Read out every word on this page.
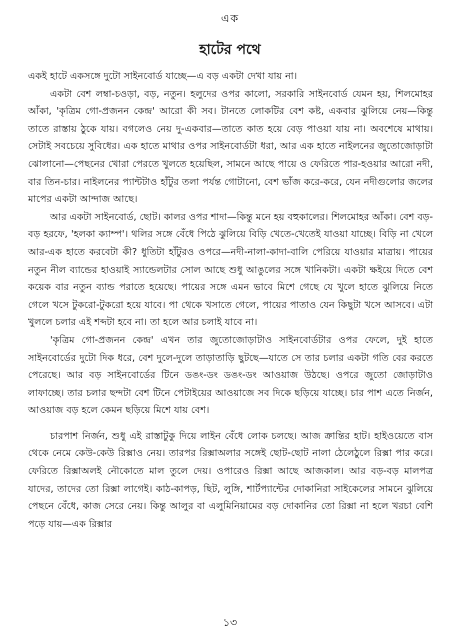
এক
হাটের পথে

একই হাটে একসঙ্গে দুটো সাইনবোর্ড যাচ্ছে—এ বড় একটা দেখা যায় না।

একটা বেশ লম্বা-চওড়া, বড়, নতুন। হলুদের ওপর কালো, সরকারি সাইনবোর্ড যেমন হয়, শিলমোহর আঁকা, 'কৃত্রিম গো-প্রজনন কেন্দ্র' আরো কী সব। টানতে লোকটির বেশ কষ্ট, একবার ঝুলিয়ে নেয়—কিন্তু তাতে রাস্তায় ঠুকে যায়। বগলেও নেয় দু-একবার—তাতে কাত হয়ে বেড় পাওয়া যায় না। অবশেষে মাথায়। সেটাই সবচেয়ে সুবিধের। এক হাতে মাথার ওপর সাইনবোর্ডটা ধরা, আর এক হাতে নাইলনের জুতোজোড়াটা ঝোলানো—পেছনের খোরা পেরতে খুলতে হয়েছিল, সামনে আছে পায়ে ও ফেরিতে পার-হওয়ার আরো নদী, বার তিন-চার। নাইলনের প্যান্টটাও হাঁটুর তলা পর্যন্ত গোটানো, বেশ ভাঁজ করে-করে, যেন নদীগুলোর জলের মাপের একটা আন্দাজ আছে।

আর একটা সাইনবোর্ড, ছোট। কালর ওপর শাদা—কিন্তু মনে হয় বহুকালের। শিলমোহর আঁকা। বেশ বড়-বড় হরফে, 'হলকা ক্যাম্প'। থলির সঙ্গে বেঁধে পিঠে ঝুলিয়ে বিড়ি খেতে-খেতেই যাওয়া যাচ্ছে। বিড়ি না খেলে আর-এক হাতে করবেটা কী? ধুতিটা হাঁটুরও ওপরে—নদী-নালা-কাদা-বালি পেরিয়ে যাওয়ার মাত্রায়। পায়ের নতুন নীল ব্যান্ডের হাওয়াই স্যান্ডেলটার সোল আছে শুধু আঙুলের সঙ্গে খানিকটা। একটা ক্ষইয়ে দিতে বেশ কয়েক বার নতুন ব্যান্ড পরাতে হয়েছে। পায়ের সঙ্গে এমন ভাবে মিশে গেছে যে খুলে হাতে ঝুলিয়ে নিতে গেলে খসে টুকরো-টুকরো হয়ে যাবে। পা থেকে খসাতে গেলে, পায়ের পাতাও যেন কিছুটা খসে আসবে। এটা খুললে চলার এই শব্দটা হবে না। তা হলে আর চলাই যাবে না।

'কৃত্রিম গো-প্রজনন কেন্দ্র' এখন তার জুতোজোড়াটাও সাইনবোর্ডটার ওপর ফেলে, দুই হাতে সাইনবোর্ডের দুটো দিক ধরে, বেশ দুলে-দুলে তাড়াতাড়ি ছুটছে—যাতে সে তার চলার একটা গতি বের করতে পেরেছে। আর বড় সাইনবোর্ডের টিনে ডঙং-ডং ডঙং-ডং আওয়াজ উঠছে। ওপরে জুতো জোড়াটাও লাফাচ্ছে। তার চলার ছন্দটা বেশ টিনে পেটাইয়ের আওয়াজে সব দিকে ছড়িয়ে যাচ্ছে। চার পাশ এতে নির্জন, আওয়াজ বড় হলে কেমন ছড়িয়ে মিশে যায় বেশ।

চারপাশ নির্জন, শুধু এই রাস্তাটুকু দিয়ে লাইন বেঁধে লোক চলছে। আজ ক্রান্তির হাট। হাইওয়েতে বাস থেকে নেমে কেউ-কেউ রিক্সাও নেয়। তারপর রিক্সাঅলার সঙ্গেই ছোট-ছোট নালা ঠেলেঠুলে রিক্সা পার করে। ফেরিতে রিক্সাঅলই নৌকোতে মাল তুলে দেয়। ওপারেও রিক্সা আছে আজকাল। আর বড়-বড় মালপত্র যাদের, তাদের তো রিক্সা লাগেই। কাঠ-কাপড়, ছিট, লুঙ্গি, শার্টপ্যান্টের দোকানিরা সাইকেলের সামনে ঝুলিয়ে পেছনে বেঁধে, কাজ সেরে নেয়। কিন্তু আলুর বা এলুমিনিয়ামের বড় দোকানির তো রিক্সা না হলে খরচা বেশি পড়ে যায়—এক রিক্সার

১৩
